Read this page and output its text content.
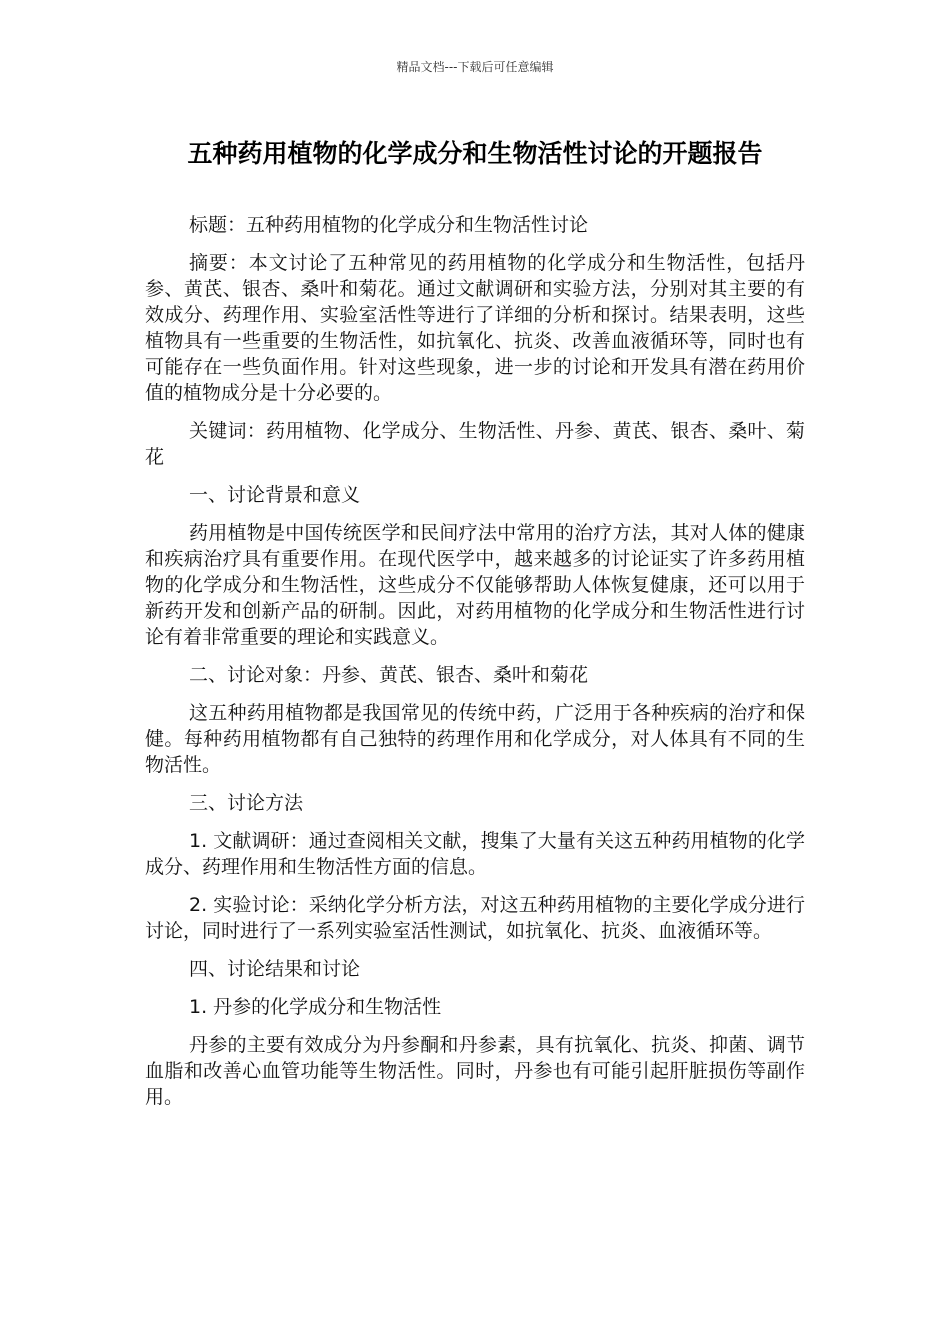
精品文档---下载后可任意编辑
五种药用植物的化学成分和生物活性讨论的开题报告

标题：五种药用植物的化学成分和生物活性讨论

摘要：本文讨论了五种常见的药用植物的化学成分和生物活性，包括丹参、黄芪、银杏、桑叶和菊花。通过文献调研和实验方法，分别对其主要的有效成分、药理作用、实验室活性等进行了详细的分析和探讨。结果表明，这些植物具有一些重要的生物活性，如抗氧化、抗炎、改善血液循环等，同时也有可能存在一些负面作用。针对这些现象，进一步的讨论和开发具有潜在药用价值的植物成分是十分必要的。

关键词：药用植物、化学成分、生物活性、丹参、黄芪、银杏、桑叶、菊花

一、讨论背景和意义

药用植物是中国传统医学和民间疗法中常用的治疗方法，其对人体的健康和疾病治疗具有重要作用。在现代医学中，越来越多的讨论证实了许多药用植物的化学成分和生物活性，这些成分不仅能够帮助人体恢复健康，还可以用于新药开发和创新产品的研制。因此，对药用植物的化学成分和生物活性进行讨论有着非常重要的理论和实践意义。

二、讨论对象：丹参、黄芪、银杏、桑叶和菊花

这五种药用植物都是我国常见的传统中药，广泛用于各种疾病的治疗和保健。每种药用植物都有自己独特的药理作用和化学成分，对人体具有不同的生物活性。

三、讨论方法

1. 文献调研：通过查阅相关文献，搜集了大量有关这五种药用植物的化学成分、药理作用和生物活性方面的信息。

2. 实验讨论：采纳化学分析方法，对这五种药用植物的主要化学成分进行讨论，同时进行了一系列实验室活性测试，如抗氧化、抗炎、血液循环等。

四、讨论结果和讨论

1. 丹参的化学成分和生物活性

丹参的主要有效成分为丹参酮和丹参素，具有抗氧化、抗炎、抑菌、调节血脂和改善心血管功能等生物活性。同时，丹参也有可能引起肝脏损伤等副作用。
